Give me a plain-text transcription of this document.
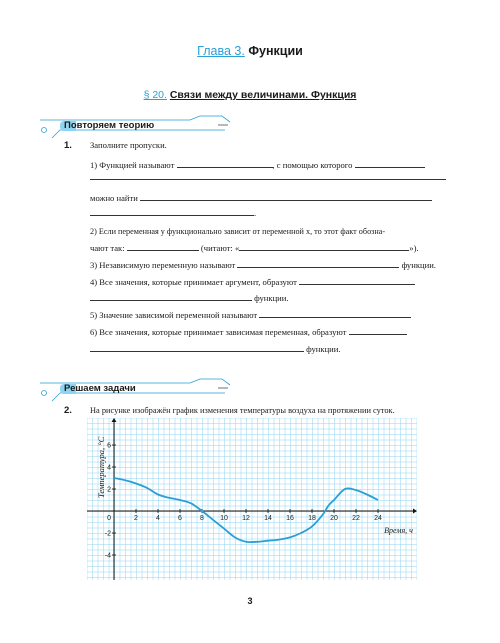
Глава 3. Функции
§ 20. Связи между величинами. Функция
Повторяем теорию
1. Заполните пропуски.
1) Функцией называют	, с помощью которого
можно найти
.
2) Если переменная y функционально зависит от переменной x, то этот факт обозна-
чают так:	(читают: «	»).
3) Независимую переменную называют	функции.
4) Все значения, которые принимает аргумент, образуют
функции.
5) Значение зависимой переменной называют
6) Все значения, которые принимает зависимая переменная, образуют
функции.
Решаем задачи
2. На рисунке изображён график изменения температуры воздуха на протяжении суток.
2	4	6	8 10 12 14 16 18 20 22 24
6
4
2
-2
-4
0
Температура, °С
Время, ч
3
